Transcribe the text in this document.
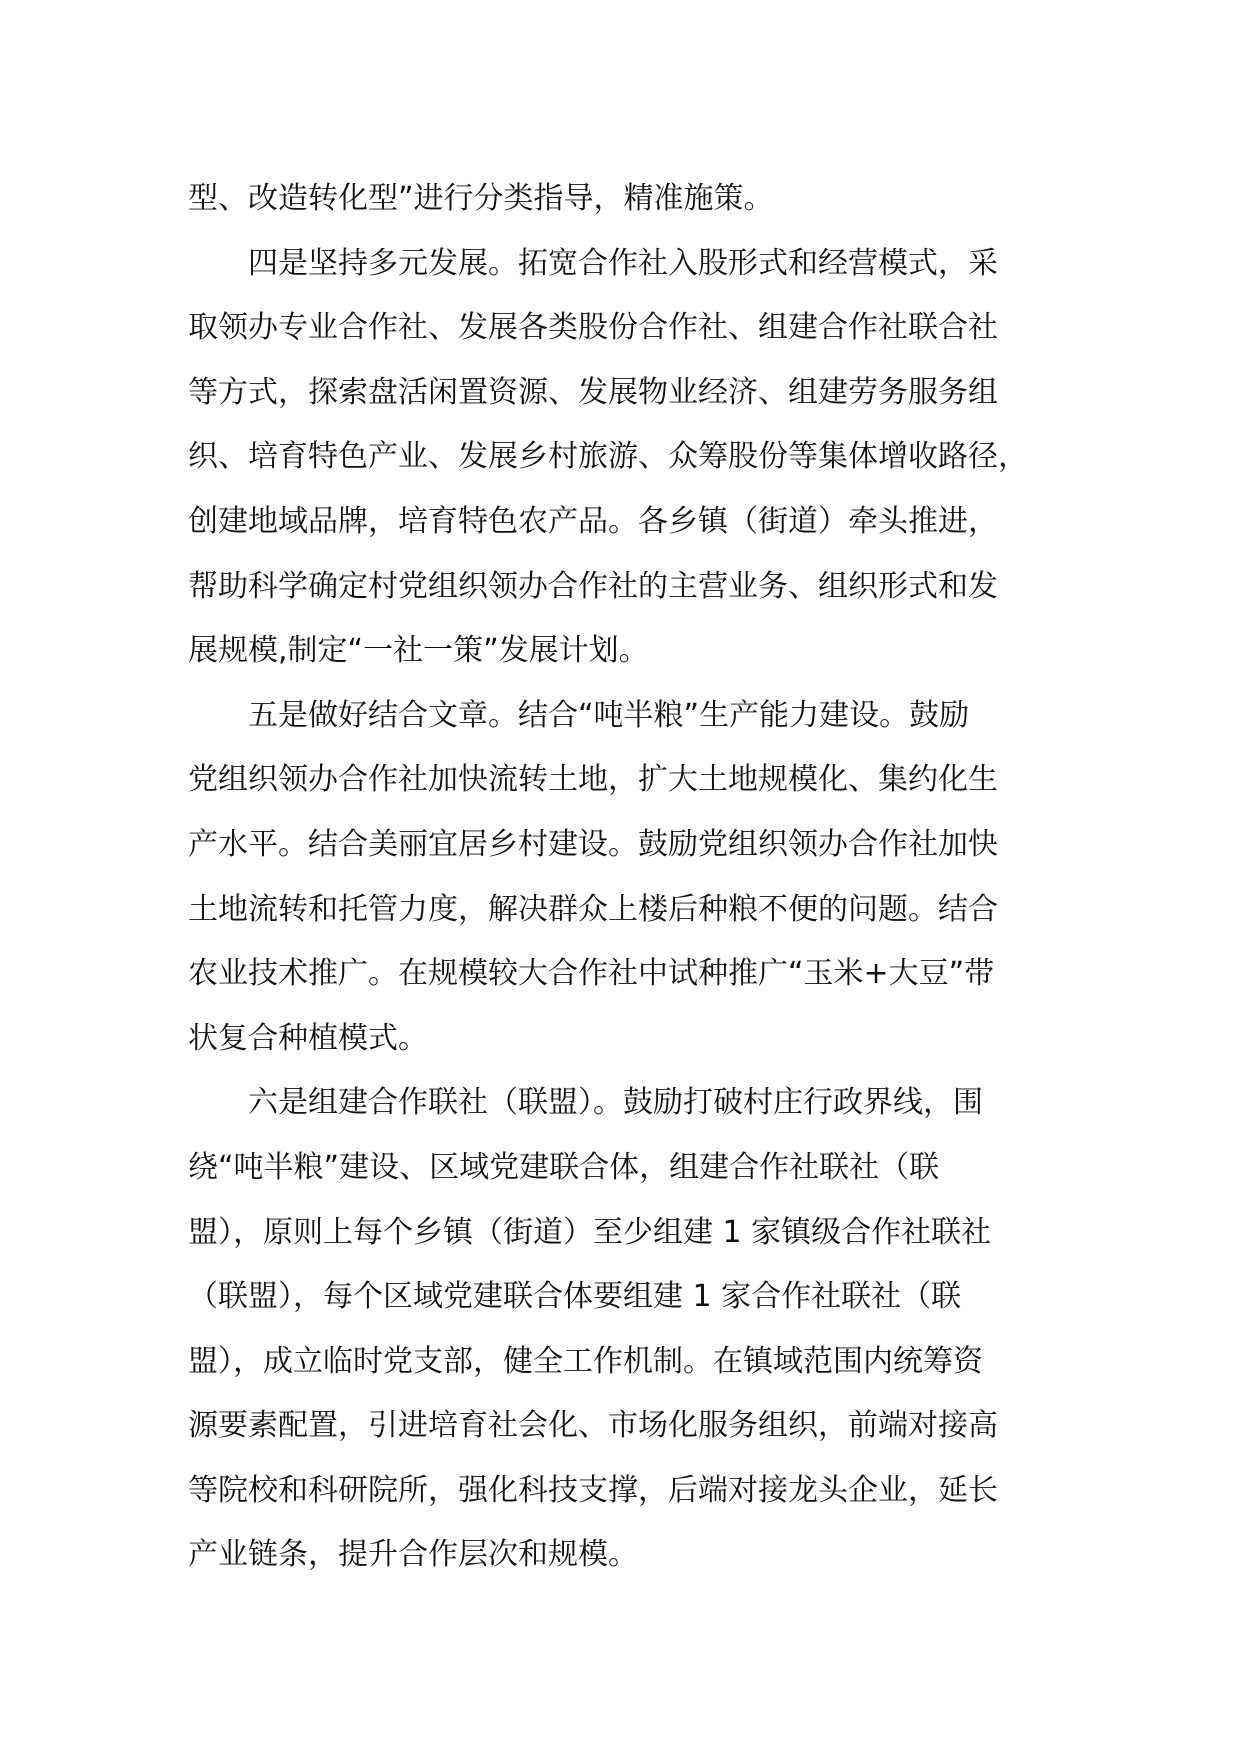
型、改造转化型”进行分类指导，精准施策。
　　四是坚持多元发展。拓宽合作社入股形式和经营模式，采
取领办专业合作社、发展各类股份合作社、组建合作社联合社
等方式，探索盘活闲置资源、发展物业经济、组建劳务服务组
织、培育特色产业、发展乡村旅游、众筹股份等集体增收路径，
创建地域品牌，培育特色农产品。各乡镇（街道）牵头推进，
帮助科学确定村党组织领办合作社的主营业务、组织形式和发
展规模,制定“一社一策”发展计划。
　　五是做好结合文章。结合“吨半粮”生产能力建设。鼓励
党组织领办合作社加快流转土地，扩大土地规模化、集约化生
产水平。结合美丽宜居乡村建设。鼓励党组织领办合作社加快
土地流转和托管力度，解决群众上楼后种粮不便的问题。结合
农业技术推广。在规模较大合作社中试种推广“玉米+大豆”带
状复合种植模式。
　　六是组建合作联社（联盟）。鼓励打破村庄行政界线，围
绕“吨半粮”建设、区域党建联合体，组建合作社联社（联
盟），原则上每个乡镇（街道）至少组建 1 家镇级合作社联社
（联盟），每个区域党建联合体要组建 1 家合作社联社（联
盟），成立临时党支部，健全工作机制。在镇域范围内统筹资
源要素配置，引进培育社会化、市场化服务组织，前端对接高
等院校和科研院所，强化科技支撑，后端对接龙头企业，延长
产业链条，提升合作层次和规模。
